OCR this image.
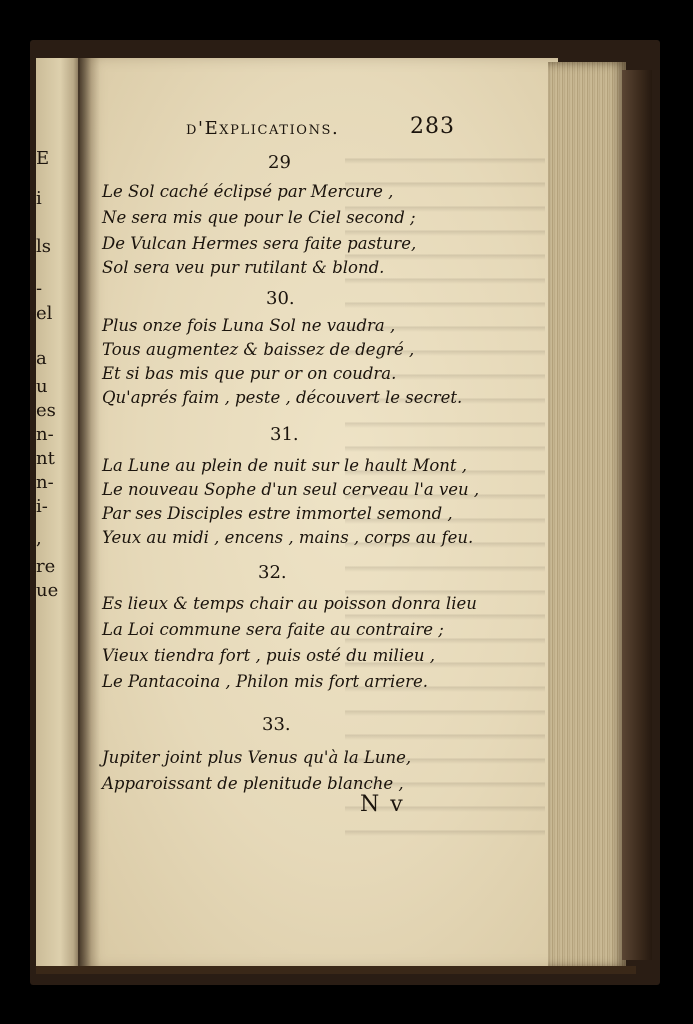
E
i
ls
-
el
a
u
es
n-
nt
n-
i-
,
re
ue
d'Explications.	283
29
Le Sol caché éclipsé par Mercure ,
Ne sera mis que pour le Ciel second ;
De Vulcan Hermes sera faite pasture,
Sol sera veu pur rutilant & blond.
30.
Plus onze fois Luna Sol ne vaudra ,
Tous augmentez & baissez de degré ,
Et si bas mis que pur or on coudra.
Qu'aprés faim , peste , découvert le secret.
31.
La Lune au plein de nuit sur le hault Mont ,
Le nouveau Sophe d'un seul cerveau l'a veu ,
Par ses Disciples estre immortel semond ,
Yeux au midi , encens , mains , corps au feu.
32.
Es lieux & temps chair au poisson donra lieu
La Loi commune sera faite au contraire ;
Vieux tiendra fort , puis osté du milieu ,
Le Pantacoina , Philon mis fort arriere.
33.
Jupiter joint plus Venus qu'à la Lune,
Apparoissant de plenitude blanche ,
N v
